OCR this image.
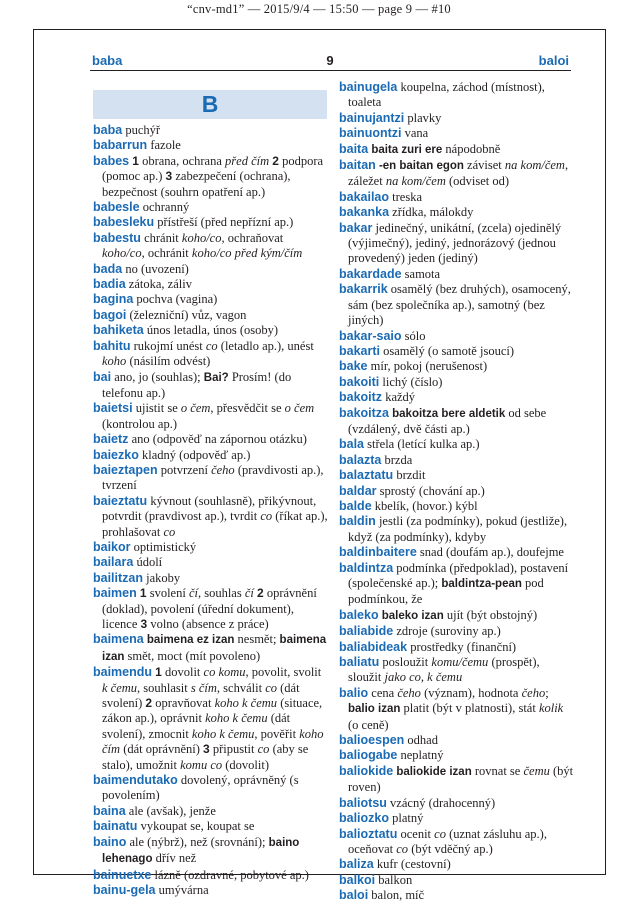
“cnv-md1” — 2015/9/4 — 15:50 — page 9 — #10
baba	9	baloi
B
baba puchýř
babarrun fazole
babes 1 obrana, ochrana před čím 2 podpora (pomoc ap.) 3 zabezpečení (ochrana), bezpečnost (souhrn opatření ap.)
babesle ochranný
babesleku přístřeší (před nepřízní ap.)
babestu chránit koho/co, ochraňovat koho/co, ochránit koho/co před kým/čím
bada no (uvození)
badia zátoka, záliv
bagina pochva (vagina)
bagoi (železniční) vůz, vagon
bahiketa únos letadla, únos (osoby)
bahitu rukojmí unést co (letadlo ap.), unést koho (násilím odvést)
bai ano, jo (souhlas); Bai? Prosím! (do telefonu ap.)
baietsi ujistit se o čem, přesvědčit se o čem (kontrolou ap.)
baietz ano (odpověď na zápornou otázku)
baiezko kladný (odpověď ap.)
baieztapen potvrzení čeho (pravdivosti ap.), tvrzení
baieztatu kývnout (souhlasně), přikývnout, potvrdit (pravdivost ap.), tvrdit co (říkat ap.), prohlašovat co
baikor optimistický
bailara údolí
bailitzan jakoby
baimen 1 svolení čí, souhlas čí 2 oprávnění (doklad), povolení (úřední dokument), licence 3 volno (absence z práce)
baimena baimena ez izan nesmět; baimena izan smět, moct (mít povoleno)
baimendu 1 dovolit co komu, povolit, svolit k čemu, souhlasit s čím, schválit co (dát svolení) 2 opravňovat koho k čemu (situace, zákon ap.), oprávnit koho k čemu (dát svolení), zmocnit koho k čemu, pověřit koho čím (dát oprávnění) 3 připustit co (aby se stalo), umožnit komu co (dovolit)
baimendutako dovolený, oprávněný (s povolením)
baina ale (avšak), jenže
bainatu vykoupat se, koupat se
baino ale (nýbrž), než (srovnání); baino lehenago dřív než
bainuetxe lázně (ozdravné, pobytové ap.)
bainu-gela umývárna
bainugela koupelna, záchod (místnost), toaleta
bainujantzi plavky
bainuontzi vana
baita baita zuri ere nápodobně
baitan -en baitan egon záviset na kom/čem, záležet na kom/čem (odviset od)
bakailao treska
bakanka zřídka, málokdy
bakar jedinečný, unikátní, (zcela) ojedinělý (výjimečný), jediný, jednorázový (jednou provedený) jeden (jediný)
bakardade samota
bakarrik osamělý (bez druhých), osamocený, sám (bez společníka ap.), samotný (bez jiných)
bakar-saio sólo
bakarti osamělý (o samotě jsoucí)
bake mír, pokoj (nerušenost)
bakoiti lichý (číslo)
bakoitz každý
bakoitza bakoitza bere aldetik od sebe (vzdálený, dvě části ap.)
bala střela (letící kulka ap.)
balazta brzda
balaztatu brzdit
baldar sprostý (chování ap.)
balde kbelík, (hovor.) kýbl
baldin jestli (za podmínky), pokud (jestliže), když (za podmínky), kdyby
baldinbaitere snad (doufám ap.), doufejme
baldintza podmínka (předpoklad), postavení (společenské ap.); baldintza-pean pod podmínkou, že
baleko baleko izan ujít (být obstojný)
baliabide zdroje (suroviny ap.)
baliabideak prostředky (finanční)
baliatu posloužit komu/čemu (prospět), sloužit jako co, k čemu
balio cena čeho (význam), hodnota čeho; balio izan platit (být v platnosti), stát kolik (o ceně)
balioespen odhad
baliogabe neplatný
baliokide baliokide izan rovnat se čemu (být roven)
baliotsu vzácný (drahocenný)
baliozko platný
balioztatu ocenit co (uznat zásluhu ap.), oceňovat co (být vděčný ap.)
baliza kufr (cestovní)
balkoi balkon
baloi balon, míč
